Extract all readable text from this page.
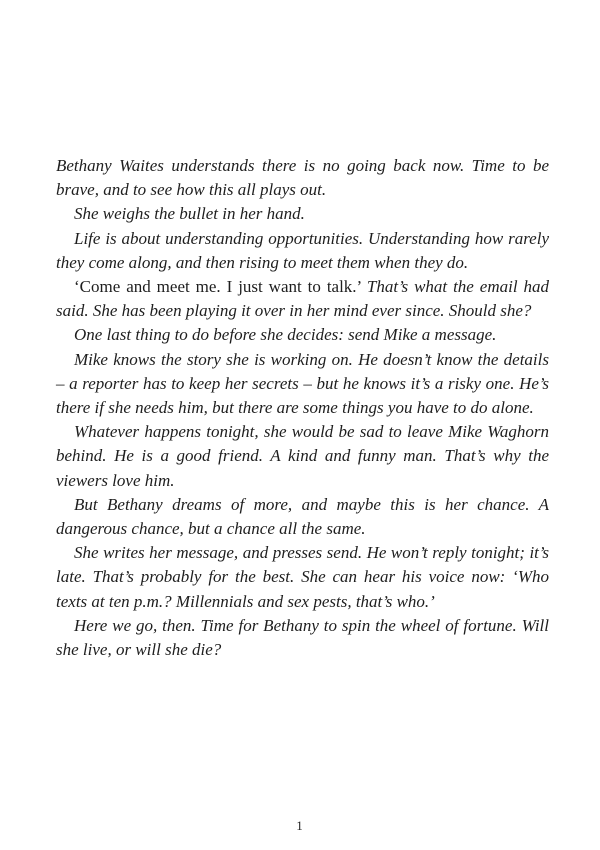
Bethany Waites understands there is no going back now. Time to be brave, and to see how this all plays out.

She weighs the bullet in her hand.

Life is about understanding opportunities. Understanding how rarely they come along, and then rising to meet them when they do.

‘Come and meet me. I just want to talk.’ That’s what the email had said. She has been playing it over in her mind ever since. Should she?

One last thing to do before she decides: send Mike a message.

Mike knows the story she is working on. He doesn’t know the details – a reporter has to keep her secrets – but he knows it’s a risky one. He’s there if she needs him, but there are some things you have to do alone.

Whatever happens tonight, she would be sad to leave Mike Waghorn behind. He is a good friend. A kind and funny man. That’s why the viewers love him.

But Bethany dreams of more, and maybe this is her chance. A dangerous chance, but a chance all the same.

She writes her message, and presses send. He won’t reply tonight; it’s late. That’s probably for the best. She can hear his voice now: ‘Who texts at ten p.m.? Millennials and sex pests, that’s who.’

Here we go, then. Time for Bethany to spin the wheel of fortune. Will she live, or will she die?

1
